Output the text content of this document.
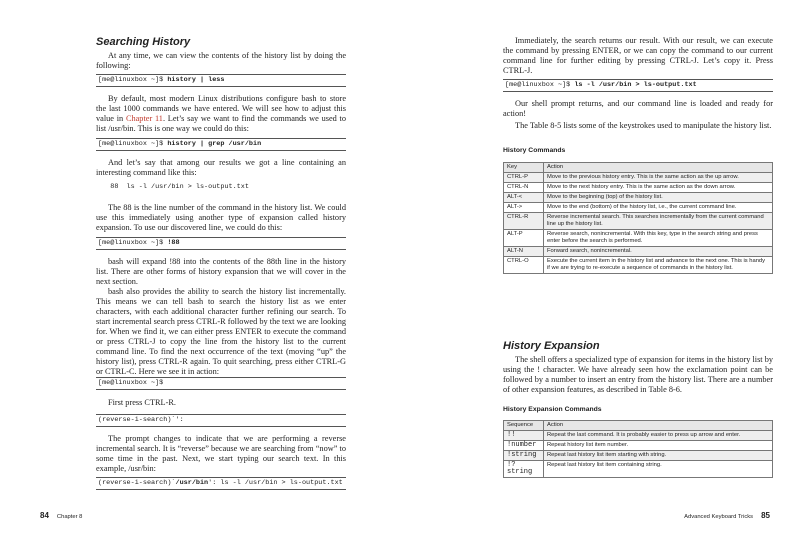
Searching History

At any time, we can view the contents of the history list by doing the following:

[me@linuxbox ~]$ history | less

By default, most modern Linux distributions configure bash to store the last 1000 commands we have entered. We will see how to adjust this value in Chapter 11. Let’s say we want to find the commands we used to list /usr/bin. This is one way we could do this:

[me@linuxbox ~]$ history | grep /usr/bin

And let’s say that among our results we got a line containing an interesting command like this:

88  ls -l /usr/bin > ls-output.txt

The 88 is the line number of the command in the history list. We could use this immediately using another type of expansion called history expansion. To use our discovered line, we could do this:

[me@linuxbox ~]$ !88

bash will expand !88 into the contents of the 88th line in the history list. There are other forms of history expansion that we will cover in the next section.

bash also provides the ability to search the history list incrementally. This means we can tell bash to search the history list as we enter characters, with each additional character further refining our search. To start incremental search press CTRL-R followed by the text we are looking for. When we find it, we can either press ENTER to execute the command or press CTRL-J to copy the line from the history list to the current command line. To find the next occurrence of the text (moving “up” the history list), press CTRL-R again. To quit searching, press either CTRL-G or CTRL-C. Here we see it in action:

[me@linuxbox ~]$

First press CTRL-R.

(reverse-i-search)`':

The prompt changes to indicate that we are performing a reverse incremental search. It is “reverse” because we are searching from “now” to some time in the past. Next, we start typing our search text. In this example, /usr/bin:

(reverse-i-search)`/usr/bin': ls -l /usr/bin > ls-output.txt
84 Chapter 8

Immediately, the search returns our result. With our result, we can execute the command by pressing ENTER, or we can copy the command to our current command line for further editing by pressing CTRL-J. Let’s copy it. Press CTRL-J.

[me@linuxbox ~]$ ls -l /usr/bin > ls-output.txt

Our shell prompt returns, and our command line is loaded and ready for action!

The Table 8-5 lists some of the keystrokes used to manipulate the history list.

History Commands
Key	Action
CTRL-P	Move to the previous history entry. This is the same action as the up arrow.
CTRL-N	Move to the next history entry. This is the same action as the down arrow.
ALT-<	Move to the beginning (top) of the history list.
ALT->	Move to the end (bottom) of the history list, i.e., the current command line.
CTRL-R	Reverse incremental search. This searches incrementally from the current command line up the history list.
ALT-P	Reverse search, nonincremental. With this key, type in the search string and press enter before the search is performed.
ALT-N	Forward search, nonincremental.
CTRL-O	Execute the current item in the history list and advance to the next one. This is handy if we are trying to re-execute a sequence of commands in the history list.

History Expansion

The shell offers a specialized type of expansion for items in the history list by using the ! character. We have already seen how the exclamation point can be followed by a number to insert an entry from the history list. There are a number of other expansion features, as described in Table 8-6.

History Expansion Commands
Sequence	Action
!!	Repeat the last command. It is probably easier to press up arrow and enter.
!number	Repeat history list item number.
!string	Repeat last history list item starting with string.
!?string	Repeat last history list item containing string.
Advanced Keyboard Tricks 85
